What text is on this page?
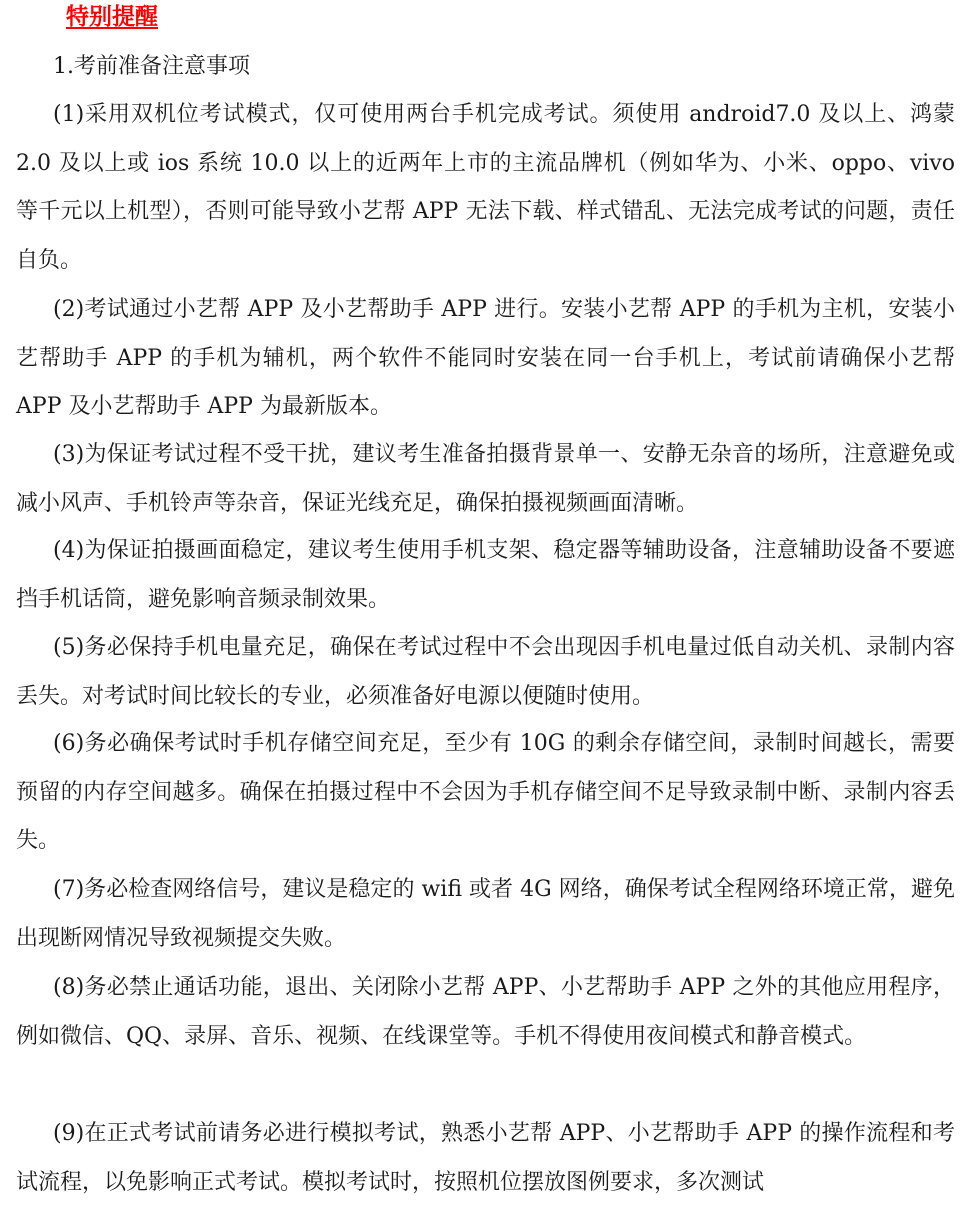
特别提醒
1.考前准备注意事项

(1)采用双机位考试模式，仅可使用两台手机完成考试。须使用 android7.0 及以上、鸿蒙 2.0 及以上或 ios 系统 10.0 以上的近两年上市的主流品牌机（例如华为、小米、oppo、vivo 等千元以上机型），否则可能导致小艺帮 APP 无法下载、样式错乱、无法完成考试的问题，责任自负。

(2)考试通过小艺帮 APP 及小艺帮助手 APP 进行。安装小艺帮 APP 的手机为主机，安装小艺帮助手 APP 的手机为辅机，两个软件不能同时安装在同一台手机上，考试前请确保小艺帮 APP 及小艺帮助手 APP 为最新版本。

(3)为保证考试过程不受干扰，建议考生准备拍摄背景单一、安静无杂音的场所，注意避免或减小风声、手机铃声等杂音，保证光线充足，确保拍摄视频画面清晰。

(4)为保证拍摄画面稳定，建议考生使用手机支架、稳定器等辅助设备，注意辅助设备不要遮挡手机话筒，避免影响音频录制效果。

(5)务必保持手机电量充足，确保在考试过程中不会出现因手机电量过低自动关机、录制内容丢失。对考试时间比较长的专业，必须准备好电源以便随时使用。

(6)务必确保考试时手机存储空间充足，至少有 10G 的剩余存储空间，录制时间越长，需要预留的内存空间越多。确保在拍摄过程中不会因为手机存储空间不足导致录制中断、录制内容丢失。

(7)务必检查网络信号，建议是稳定的 wifi 或者 4G 网络，确保考试全程网络环境正常，避免出现断网情况导致视频提交失败。

(8)务必禁止通话功能，退出、关闭除小艺帮 APP、小艺帮助手 APP 之外的其他应用程序，例如微信、QQ、录屏、音乐、视频、在线课堂等。手机不得使用夜间模式和静音模式。

(9)在正式考试前请务必进行模拟考试，熟悉小艺帮 APP、小艺帮助手 APP 的操作流程和考试流程，以免影响正式考试。模拟考试时，按照机位摆放图例要求，多次测试
